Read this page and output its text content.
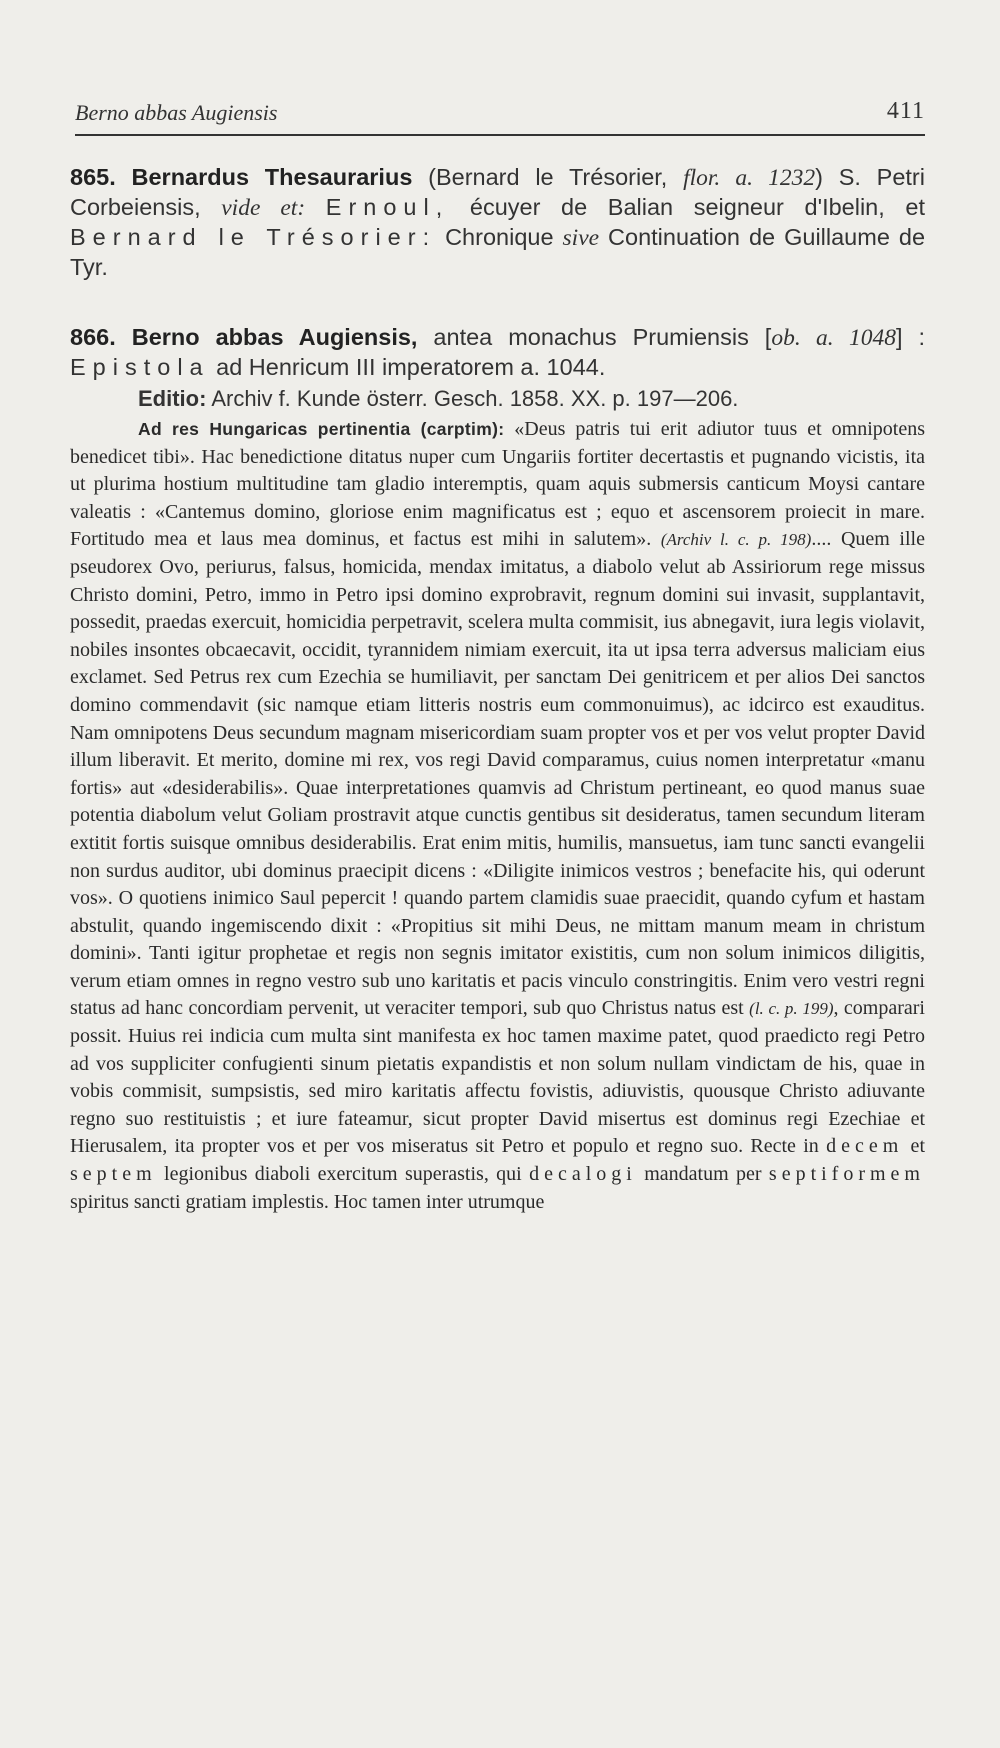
Berno abbas Augiensis	411
865. Bernardus Thesaurarius (Bernard le Trésorier, flor. a. 1232) S. Petri Corbeiensis, vide et: Ernoul, écuyer de Balian seigneur d'Ibelin, et Bernard le Trésorier: Chronique sive Continuation de Guillaume de Tyr.
866. Berno abbas Augiensis, antea monachus Prumiensis [ob. a. 1048] : Epistola ad Henricum III imperatorem a. 1044.
Editio: Archiv f. Kunde österr. Gesch. 1858. XX. p. 197—206.
Ad res Hungaricas pertinentia (carptim): «Deus patris tui erit adiutor tuus et omnipotens benedicet tibi». Hac benedictione ditatus nuper cum Ungariis fortiter decertastis et pugnando vicistis, ita ut plurima hostium multitudine tam gladio interemptis, quam aquis submersis canticum Moysi cantare valeatis : «Cantemus domino, gloriose enim magnificatus est ; equo et ascensorem proiecit in mare. Fortitudo mea et laus mea dominus, et factus est mihi in salutem». (Archiv l. c. p. 198).... Quem ille pseudorex Ovo, periurus, falsus, homicida, mendax imitatus, a diabolo velut ab Assiriorum rege missus Christo domini, Petro, immo in Petro ipsi domino exprobravit, regnum domini sui invasit, supplantavit, possedit, praedas exercuit, homicidia perpetravit, scelera multa commisit, ius abnegavit, iura legis violavit, nobiles insontes obcaecavit, occidit, tyrannidem nimiam exercuit, ita ut ipsa terra adversus maliciam eius exclamet. Sed Petrus rex cum Ezechia se humiliavit, per sanctam Dei genitricem et per alios Dei sanctos domino commendavit (sic namque etiam litteris nostris eum commonuimus), ac idcirco est exauditus. Nam omnipotens Deus secundum magnam misericordiam suam propter vos et per vos velut propter David illum liberavit. Et merito, domine mi rex, vos regi David comparamus, cuius nomen interpretatur «manu fortis» aut «desiderabilis». Quae interpretationes quamvis ad Christum pertineant, eo quod manus suae potentia diabolum velut Goliam prostravit atque cunctis gentibus sit desideratus, tamen secundum literam extitit fortis suisque omnibus desiderabilis. Erat enim mitis, humilis, mansuetus, iam tunc sancti evangelii non surdus auditor, ubi dominus praecipit dicens : «Diligite inimicos vestros ; benefacite his, qui oderunt vos». O quotiens inimico Saul pepercit ! quando partem clamidis suae praecidit, quando cyfum et hastam abstulit, quando ingemiscendo dixit : «Propitius sit mihi Deus, ne mittam manum meam in christum domini». Tanti igitur prophetae et regis non segnis imitator existitis, cum non solum inimicos diligitis, verum etiam omnes in regno vestro sub uno karitatis et pacis vinculo constringitis. Enim vero vestri regni status ad hanc concordiam pervenit, ut veraciter tempori, sub quo Christus natus est (l. c. p. 199), comparari possit. Huius rei indicia cum multa sint manifesta ex hoc tamen maxime patet, quod praedicto regi Petro ad vos suppliciter confugienti sinum pietatis expandistis et non solum nullam vindictam de his, quae in vobis commisit, sumpsistis, sed miro karitatis affectu fovistis, adiuvistis, quousque Christo adiuvante regno suo restituistis ; et iure fateamur, sicut propter David misertus est dominus regi Ezechiae et Hierusalem, ita propter vos et per vos miseratus sit Petro et populo et regno suo. Recte in decem et septem legionibus diaboli exercitum superastis, qui decalogi mandatum per septiformem spiritus sancti gratiam implestis. Hoc tamen inter utrumque
